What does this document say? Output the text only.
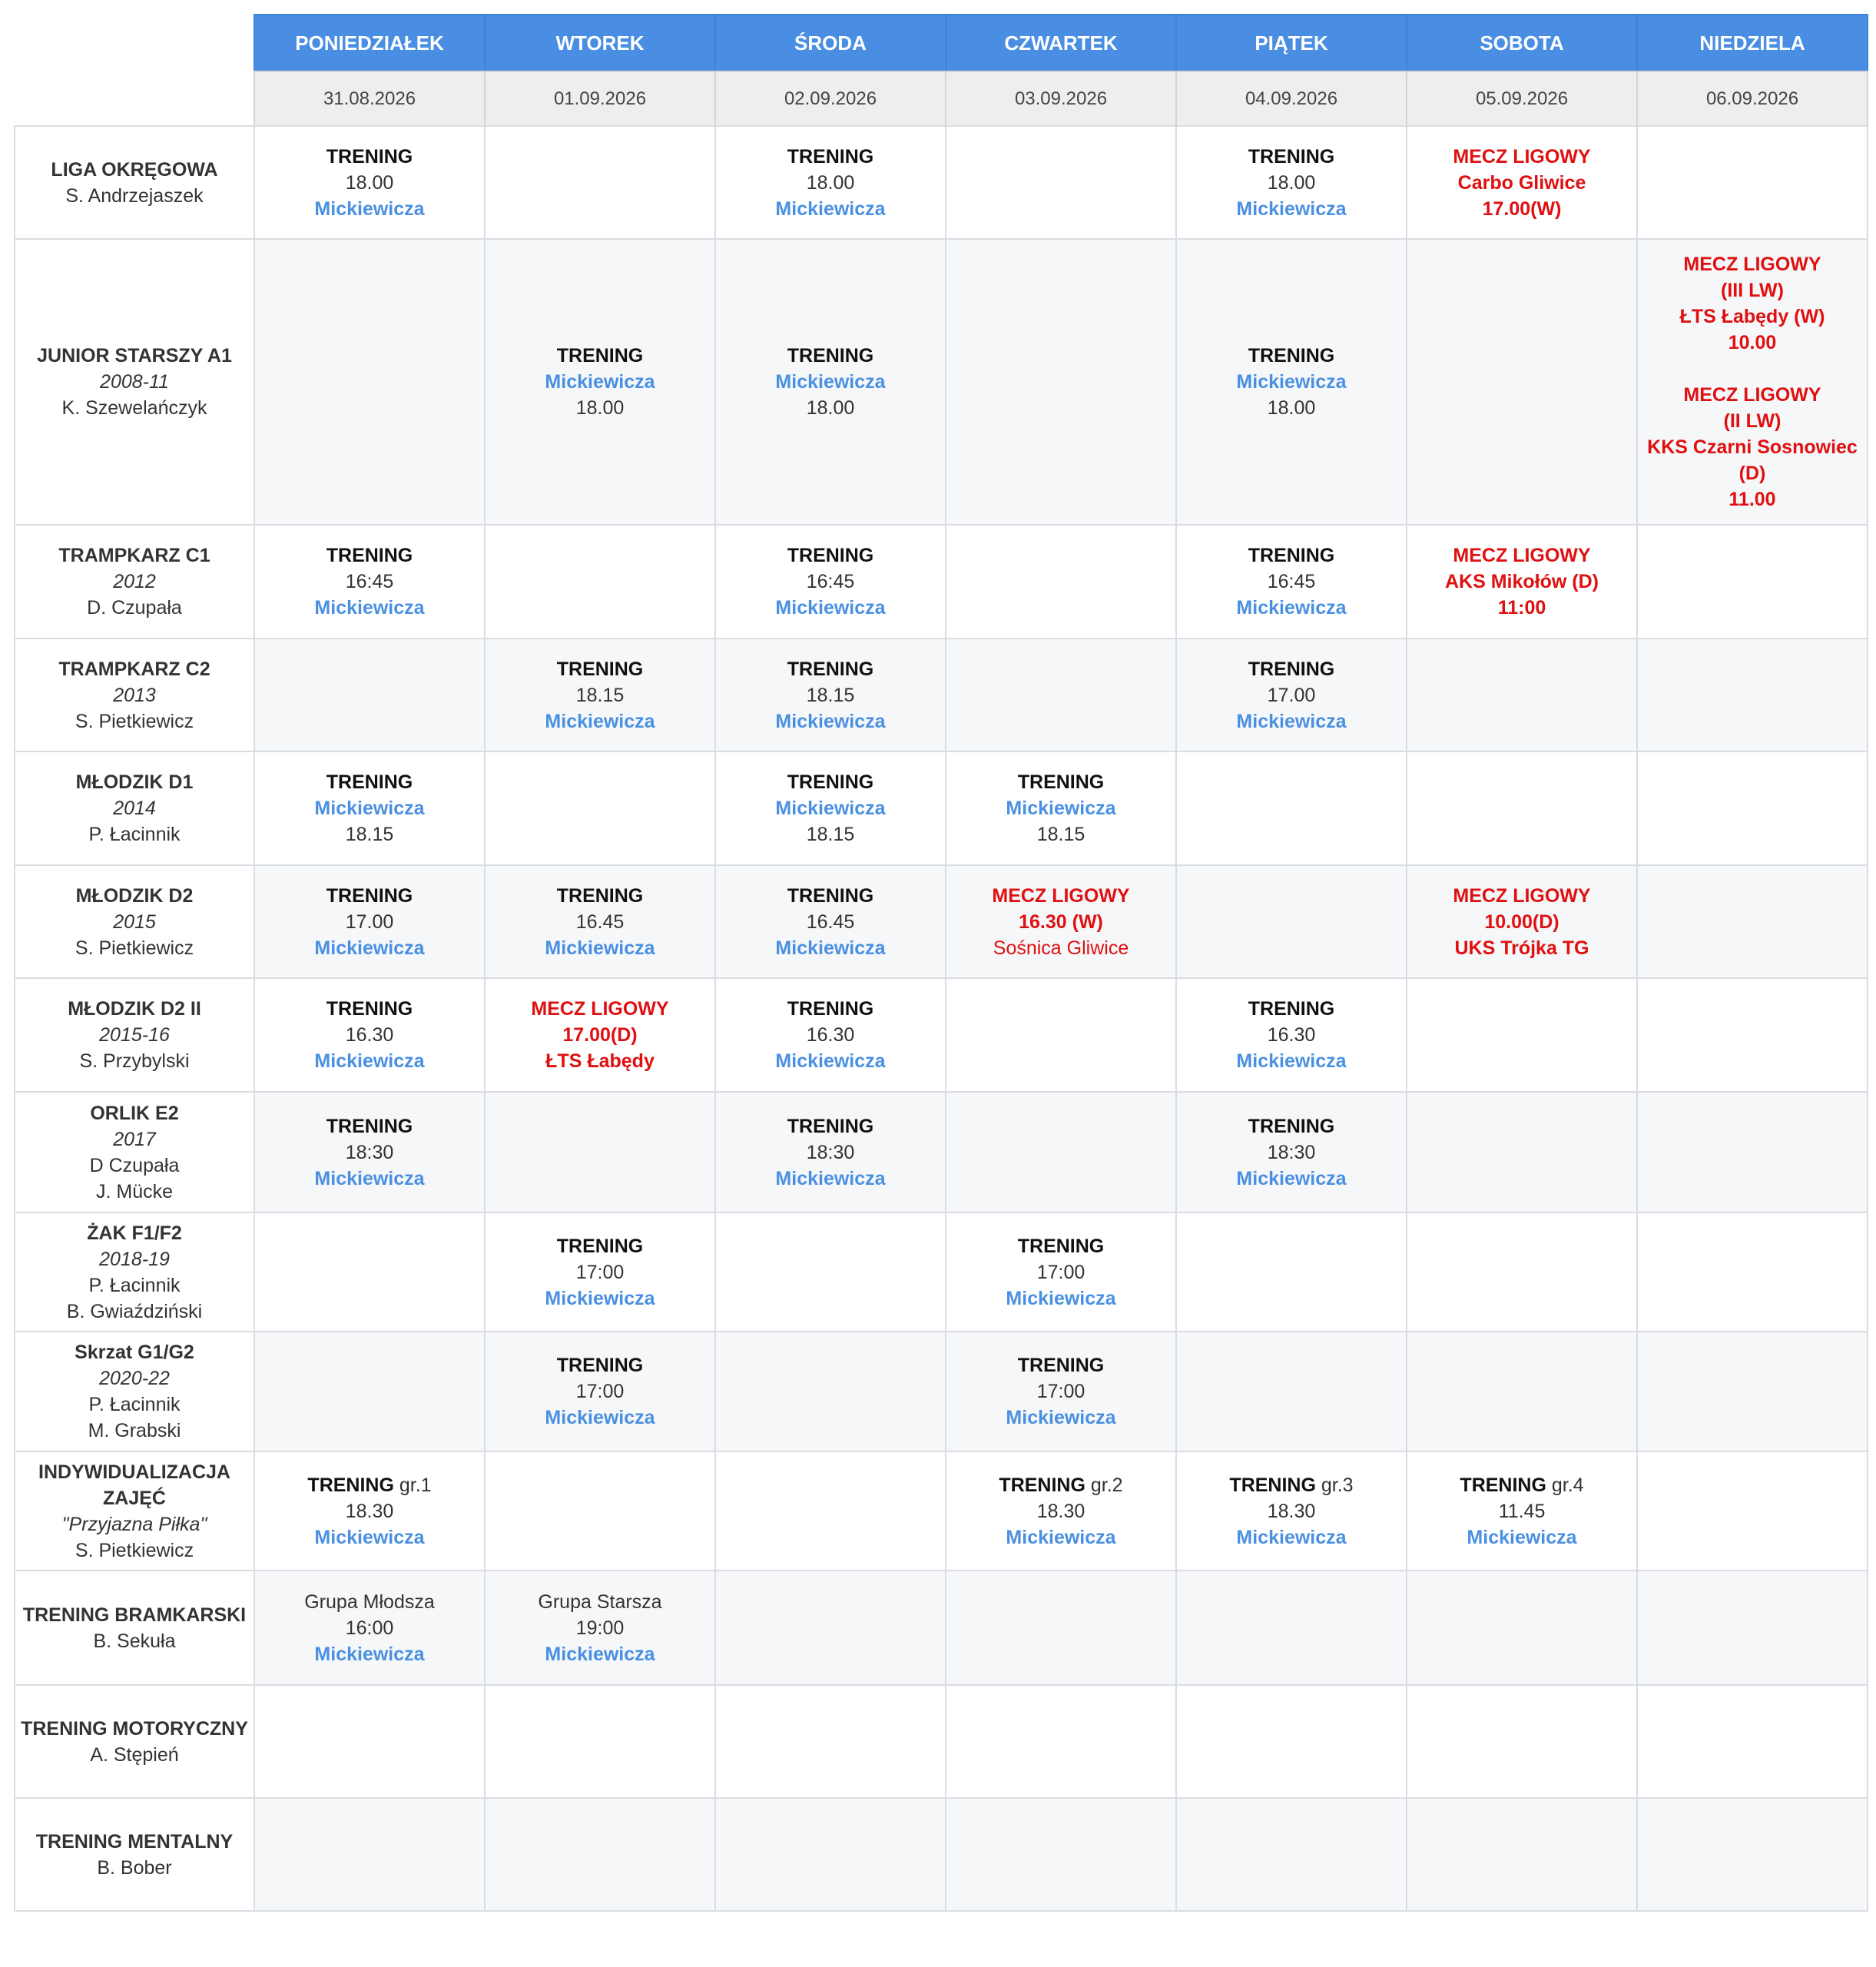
PONIEDZIAŁEK
31.08.2026
WTOREK
01.09.2026
ŚRODA
02.09.2026
CZWARTEK
03.09.2026
PIĄTEK
04.09.2026
SOBOTA
05.09.2026
NIEDZIELA
06.09.2026
LIGA OKRĘGOWA
S. Andrzejaszek
TRENING
18.00
Mickiewicza
TRENING
18.00
Mickiewicza
TRENING
18.00
Mickiewicza
MECZ LIGOWY
Carbo Gliwice
17.00(W)
JUNIOR STARSZY A1
2008-11
K. Szewelańczyk
TRENING
Mickiewicza
18.00
TRENING
Mickiewicza
18.00
TRENING
Mickiewicza
18.00
MECZ LIGOWY
(III LW)
ŁTS Łabędy (W)
10.00
MECZ LIGOWY
(II LW)
KKS Czarni Sosnowiec
(D)
11.00
TRAMPKARZ C1
2012
D. Czupała
TRENING
16:45
Mickiewicza
TRENING
16:45
Mickiewicza
TRENING
16:45
Mickiewicza
MECZ LIGOWY
AKS Mikołów (D)
11:00
TRAMPKARZ C2
2013
S. Pietkiewicz
TRENING
18.15
Mickiewicza
TRENING
18.15
Mickiewicza
TRENING
17.00
Mickiewicza
MŁODZIK D1
2014
P. Łacinnik
TRENING
Mickiewicza
18.15
TRENING
Mickiewicza
18.15
TRENING
Mickiewicza
18.15
MŁODZIK D2
2015
S. Pietkiewicz
TRENING
17.00
Mickiewicza
TRENING
16.45
Mickiewicza
TRENING
16.45
Mickiewicza
MECZ LIGOWY
16.30 (W)
Sośnica Gliwice
MECZ LIGOWY
10.00(D)
UKS Trójka TG
MŁODZIK D2 II
2015-16
S. Przybylski
TRENING
16.30
Mickiewicza
MECZ LIGOWY
17.00(D)
ŁTS Łabędy
TRENING
16.30
Mickiewicza
TRENING
16.30
Mickiewicza
ORLIK E2
2017
D Czupała
J. Mücke
TRENING
18:30
Mickiewicza
TRENING
18:30
Mickiewicza
TRENING
18:30
Mickiewicza
ŻAK F1/F2
2018-19
P. Łacinnik
B. Gwiaździński
TRENING
17:00
Mickiewicza
TRENING
17:00
Mickiewicza
Skrzat G1/G2
2020-22
P. Łacinnik
M. Grabski
TRENING
17:00
Mickiewicza
TRENING
17:00
Mickiewicza
INDYWIDUALIZACJA ZAJĘĆ
"Przyjazna Piłka"
S. Pietkiewicz
TRENING gr.1
18.30
Mickiewicza
TRENING gr.2
18.30
Mickiewicza
TRENING gr.3
18.30
Mickiewicza
TRENING gr.4
11.45
Mickiewicza
TRENING BRAMKARSKI
B. Sekuła
Grupa Młodsza
16:00
Mickiewicza
Grupa Starsza
19:00
Mickiewicza
TRENING MOTORYCZNY
A. Stępień
TRENING MENTALNY
B. Bober
